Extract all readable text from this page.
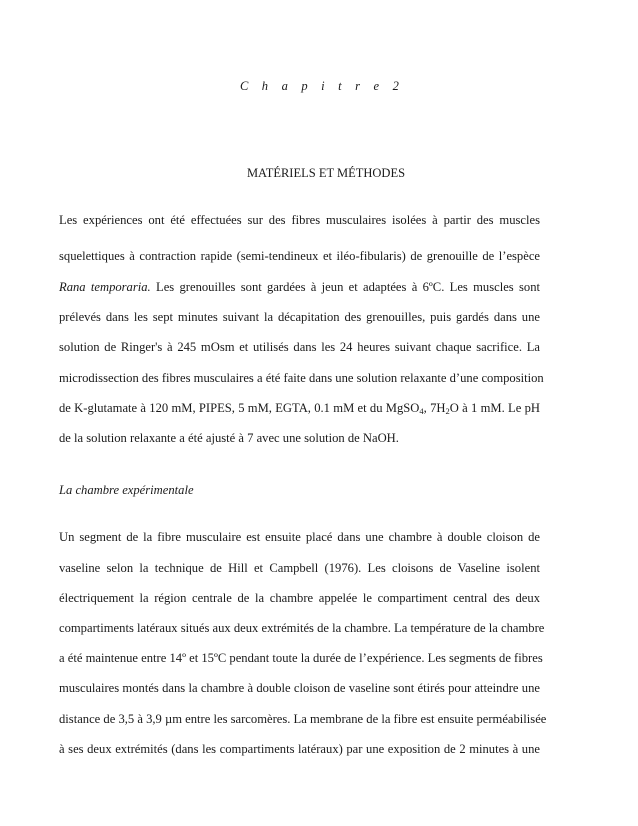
C h a p i t r e 2
MATÉRIELS ET MÉTHODES
Les expériences ont été effectuées sur des fibres musculaires isolées à partir des muscles
squelettiques à contraction rapide (semi-tendineux et iléo-fibularis) de grenouille de l’espèce
Rana temporaria. Les grenouilles sont gardées à jeun et adaptées à 6ºC. Les muscles sont
prélevés dans les sept minutes suivant la décapitation des grenouilles, puis gardés dans une
solution de Ringer's à 245 mOsm et utilisés dans les 24 heures suivant chaque sacrifice. La
microdissection des fibres musculaires a été faite dans une solution relaxante d’une composition
de K-glutamate à 120 mM, PIPES, 5 mM, EGTA, 0.1 mM et du MgSO$_4$, $7H_2O$ à 1 mM. Le pH
de la solution relaxante a été ajusté à 7 avec une solution de NaOH.
La chambre expérimentale
Un segment de la fibre musculaire est ensuite placé dans une chambre à double cloison de
vaseline selon la technique de Hill et Campbell (1976). Les cloisons de Vaseline isolent
électriquement la région centrale de la chambre appelée le compartiment central des deux
compartiments latéraux situés aux deux extrémités de la chambre. La température de la chambre
a été maintenue entre 14º et 15ºC pendant toute la durée de l’expérience. Les segments de fibres
musculaires montés dans la chambre à double cloison de vaseline sont étirés pour atteindre une
distance de 3,5 à 3,9 µm entre les sarcomères. La membrane de la fibre est ensuite perméabilisée
à ses deux extrémités (dans les compartiments latéraux) par une exposition de 2 minutes à une
